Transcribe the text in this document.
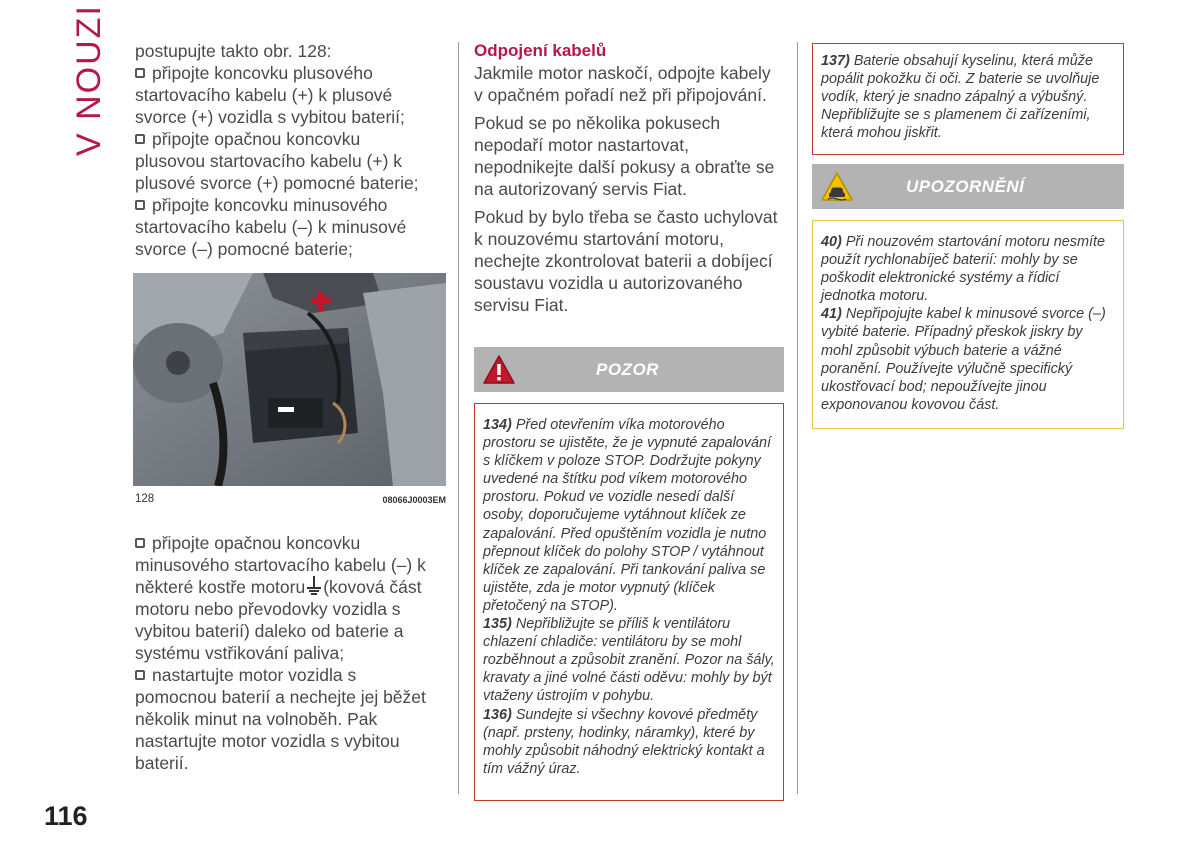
V NOUZI postupujte takto obr. 128:

připojte koncovku plusového startovacího kabelu (+) k plusové svorce (+) vozidla s vybitou baterií;

připojte opačnou koncovku plusovou startovacího kabelu (+) k plusové svorce (+) pomocné baterie;

připojte koncovku minusového startovacího kabelu (–) k minusové svorce (–) pomocné baterie;

128	08066J0003EM

připojte opačnou koncovku minusového startovacího kabelu (–) k některé kostře motoru (kovová část motoru nebo převodovky vozidla s vybitou baterií) daleko od baterie a systému vstřikování paliva;

nastartujte motor vozidla s pomocnou baterií a nechejte jej běžet několik minut na volnoběh. Pak nastartujte motor vozidla s vybitou baterií.

Odpojení kabelů

Jakmile motor naskočí, odpojte kabely v opačném pořadí než při připojování.

Pokud se po několika pokusech nepodaří motor nastartovat, nepodnikejte další pokusy a obraťte se na autorizovaný servis Fiat.

Pokud by bylo třeba se často uchylovat k nouzovému startování motoru, nechejte zkontrolovat baterii a dobíjecí soustavu vozidla u autorizovaného servisu Fiat.

POZOR
134) Před otevřením víka motorového prostoru se ujistěte, že je vypnuté zapalování s klíčkem v poloze STOP. Dodržujte pokyny uvedené na štítku pod víkem motorového prostoru. Pokud ve vozidle nesedí další osoby, doporučujeme vytáhnout klíček ze zapalování. Před opuštěním vozidla je nutno přepnout klíček do polohy STOP / vytáhnout klíček ze zapalování. Při tankování paliva se ujistěte, zda je motor vypnutý (klíček přetočený na STOP).
135) Nepřibližujte se příliš k ventilátoru chlazení chladiče: ventilátoru by se mohl rozběhnout a způsobit zranění. Pozor na šály, kravaty a jiné volné části oděvu: mohly by být vtaženy ústrojím v pohybu.
136) Sundejte si všechny kovové předměty (např. prsteny, hodinky, náramky), které by mohly způsobit náhodný elektrický kontakt a tím vážný úraz.
137) Baterie obsahují kyselinu, která může popálit pokožku či oči. Z baterie se uvolňuje vodík, který je snadno zápalný a výbušný. Nepřibližujte se s plamenem či zařízeními, která mohou jiskřit.
UPOZORNĚNÍ
40) Při nouzovém startování motoru nesmíte použít rychlonabíječ baterií: mohly by se poškodit elektronické systémy a řídicí jednotka motoru.
41) Nepřipojujte kabel k minusové svorce (–) vybité baterie. Případný přeskok jiskry by mohl způsobit výbuch baterie a vážné poranění. Používejte výlučně specifický ukostřovací bod; nepoužívejte jinou exponovanou kovovou část.
116
